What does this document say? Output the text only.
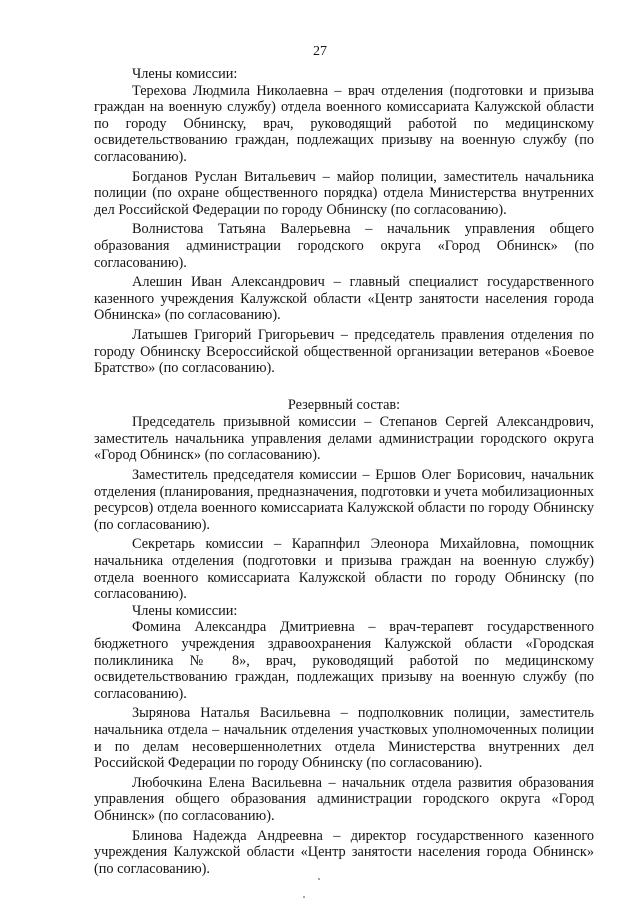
27

Члены комиссии:

Терехова Людмила Николаевна – врач отделения (подготовки и призыва граждан на военную службу) отдела военного комиссариата Калужской области по городу Обнинску, врач, руководящий работой по медицинскому освидетельствованию граждан, подлежащих призыву на военную службу (по согласованию).

Богданов Руслан Витальевич – майор полиции, заместитель начальника полиции (по охране общественного порядка) отдела Министерства внутренних дел Российской Федерации по городу Обнинску (по согласованию).

Волнистова Татьяна Валерьевна – начальник управления общего образования администрации городского округа «Город Обнинск» (по согласованию).

Алешин Иван Александрович – главный специалист государственного казенного учреждения Калужской области «Центр занятости населения города Обнинска» (по согласованию).

Латышев Григорий Григорьевич – председатель правления отделения по городу Обнинску Всероссийской общественной организации ветеранов «Боевое Братство» (по согласованию).

Резервный состав:

Председатель призывной комиссии – Степанов Сергей Александрович, заместитель начальника управления делами администрации городского округа «Город Обнинск» (по согласованию).

Заместитель председателя комиссии – Ершов Олег Борисович, начальник отделения (планирования, предназначения, подготовки и учета мобилизационных ресурсов) отдела военного комиссариата Калужской области по городу Обнинску (по согласованию).

Секретарь комиссии – Карапнфил Элеонора Михайловна, помощник начальника отделения (подготовки и призыва граждан на военную службу) отдела военного комиссариата Калужской области по городу Обнинску (по согласованию).

Члены комиссии:

Фомина Александра Дмитриевна – врач-терапевт государственного бюджетного учреждения здравоохранения Калужской области «Городская поликлиника № 8», врач, руководящий работой по медицинскому освидетельствованию граждан, подлежащих призыву на военную службу (по согласованию).

Зырянова Наталья Васильевна – подполковник полиции, заместитель начальника отдела – начальник отделения участковых уполномоченных полиции и по делам несовершеннолетних отдела Министерства внутренних дел Российской Федерации по городу Обнинску (по согласованию).

Любочкина Елена Васильевна – начальник отдела развития образования управления общего образования администрации городского округа «Город Обнинск» (по согласованию).

Блинова Надежда Андреевна – директор государственного казенного учреждения Калужской области «Центр занятости населения города Обнинск» (по согласованию).
